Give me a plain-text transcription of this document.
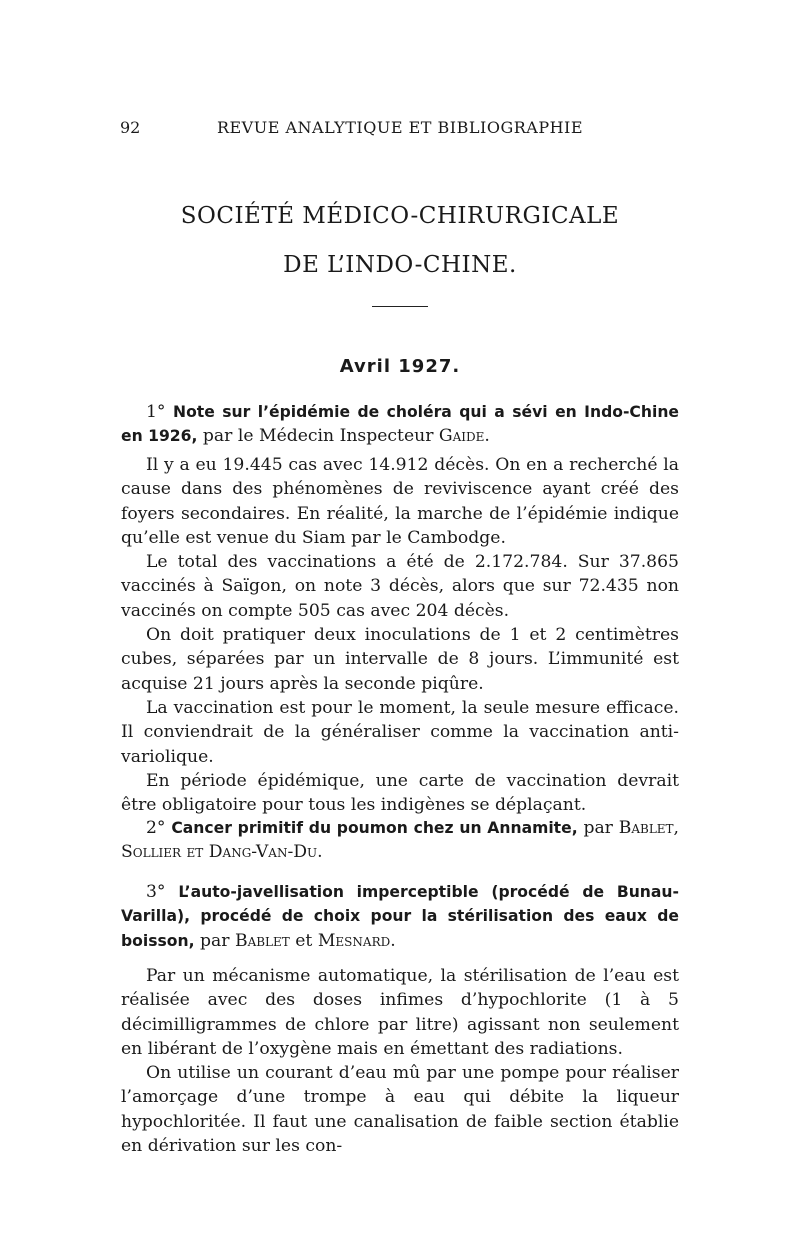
92	REVUE ANALYTIQUE ET BIBLIOGRAPHIE
SOCIÉTÉ MÉDICO-CHIRURGICALE
DE L’INDO-CHINE.
Avril 1927.

1° Note sur l’épidémie de choléra qui a sévi en Indo-Chine en 1926, par le Médecin Inspecteur Gaide.

Il y a eu 19.445 cas avec 14.912 décès. On en a recherché la cause dans des phénomènes de reviviscence ayant créé des foyers secondaires. En réalité, la marche de l’épidémie indique qu’elle est venue du Siam par le Cambodge.

Le total des vaccinations a été de 2.172.784. Sur 37.865 vaccinés à Saïgon, on note 3 décès, alors que sur 72.435 non vaccinés on compte 505 cas avec 204 décès.

On doit pratiquer deux inoculations de 1 et 2 centimètres cubes, séparées par un intervalle de 8 jours. L’immunité est acquise 21 jours après la seconde piqûre.

La vaccination est pour le moment, la seule mesure efficace. Il conviendrait de la généraliser comme la vaccination anti-variolique.

En période épidémique, une carte de vaccination devrait être obligatoire pour tous les indigènes se déplaçant.

2° Cancer primitif du poumon chez un Annamite, par Bablet, Sollier et Dang-Van-Du.

3° L’auto-javellisation imperceptible (procédé de Bunau-Varilla), procédé de choix pour la stérilisation des eaux de boisson, par Bablet et Mesnard.

Par un mécanisme automatique, la stérilisation de l’eau est réalisée avec des doses infimes d’hypochlorite (1 à 5 décimilligrammes de chlore par litre) agissant non seulement en libérant de l’oxygène mais en émettant des radiations.

On utilise un courant d’eau mû par une pompe pour réaliser l’amorçage d’une trompe à eau qui débite la liqueur hypochloritée. Il faut une canalisation de faible section établie en dérivation sur les con-
